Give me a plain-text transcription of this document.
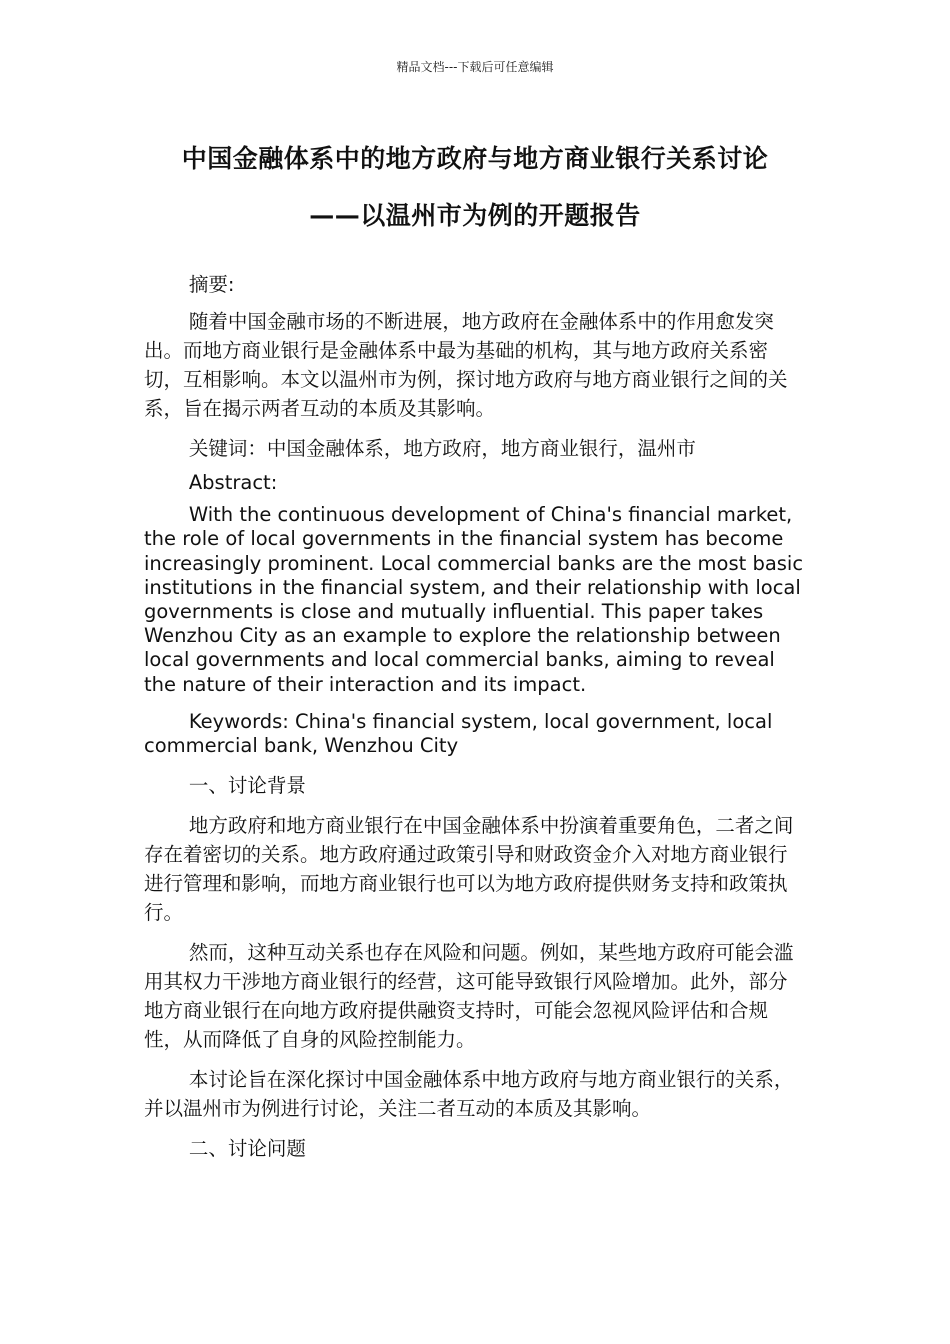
精品文档---下载后可任意编辑
中国金融体系中的地方政府与地方商业银行关系讨论
——以温州市为例的开题报告

摘要:

随着中国金融市场的不断进展，地方政府在金融体系中的作用愈发突出。而地方商业银行是金融体系中最为基础的机构，其与地方政府关系密切，互相影响。本文以温州市为例，探讨地方政府与地方商业银行之间的关系，旨在揭示两者互动的本质及其影响。

关键词：中国金融体系，地方政府，地方商业银行，温州市

Abstract:

With the continuous development of China's financial market, the role of local governments in the financial system has become increasingly prominent. Local commercial banks are the most basic institutions in the financial system, and their relationship with local governments is close and mutually influential. This paper takes Wenzhou City as an example to explore the relationship between local governments and local commercial banks, aiming to reveal the nature of their interaction and its impact.

Keywords: China's financial system, local government, local commercial bank, Wenzhou City

一、讨论背景

地方政府和地方商业银行在中国金融体系中扮演着重要角色，二者之间存在着密切的关系。地方政府通过政策引导和财政资金介入对地方商业银行进行管理和影响，而地方商业银行也可以为地方政府提供财务支持和政策执行。

然而，这种互动关系也存在风险和问题。例如，某些地方政府可能会滥用其权力干涉地方商业银行的经营，这可能导致银行风险增加。此外，部分地方商业银行在向地方政府提供融资支持时，可能会忽视风险评估和合规性，从而降低了自身的风险控制能力。

本讨论旨在深化探讨中国金融体系中地方政府与地方商业银行的关系，并以温州市为例进行讨论，关注二者互动的本质及其影响。

二、讨论问题
